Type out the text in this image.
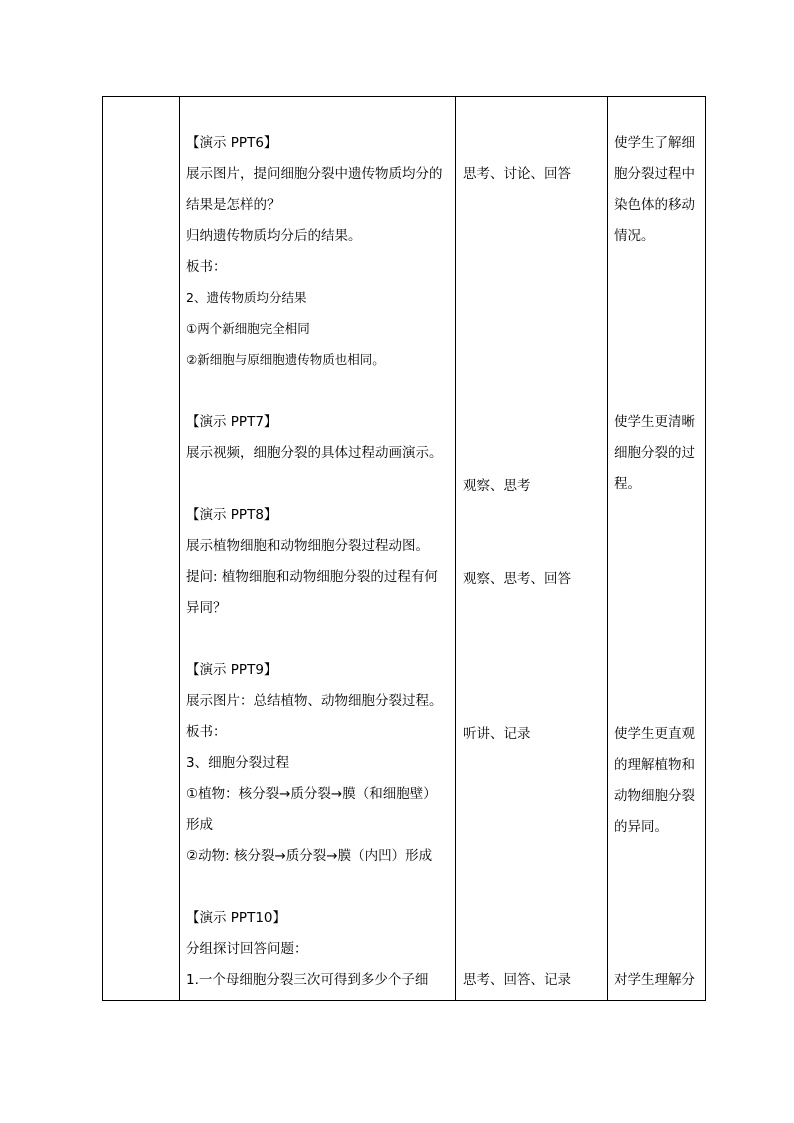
【演示 PPT6】
展示图片，提问细胞分裂中遗传物质均分的
结果是怎样的？
归纳遗传物质均分后的结果。
板书：
2、遗传物质均分结果
①两个新细胞完全相同
②新细胞与原细胞遗传物质也相同。
【演示 PPT7】
展示视频，细胞分裂的具体过程动画演示。
【演示 PPT8】
展示植物细胞和动物细胞分裂过程动图。
提问: 植物细胞和动物细胞分裂的过程有何
异同？
【演示 PPT9】
展示图片：总结植物、动物细胞分裂过程。
板书：
3、细胞分裂过程
①植物：核分裂→质分裂→膜（和细胞壁）
形成
②动物: 核分裂→质分裂→膜（内凹）形成
【演示 PPT10】
分组探讨回答问题：
1.一个母细胞分裂三次可得到多少个子细
思考、讨论、回答
观察、思考
观察、思考、回答
听讲、记录
思考、回答、记录
使学生了解细
胞分裂过程中
染色体的移动
情况。
使学生更清晰
细胞分裂的过
程。
使学生更直观
的理解植物和
动物细胞分裂
的异同。
对学生理解分
